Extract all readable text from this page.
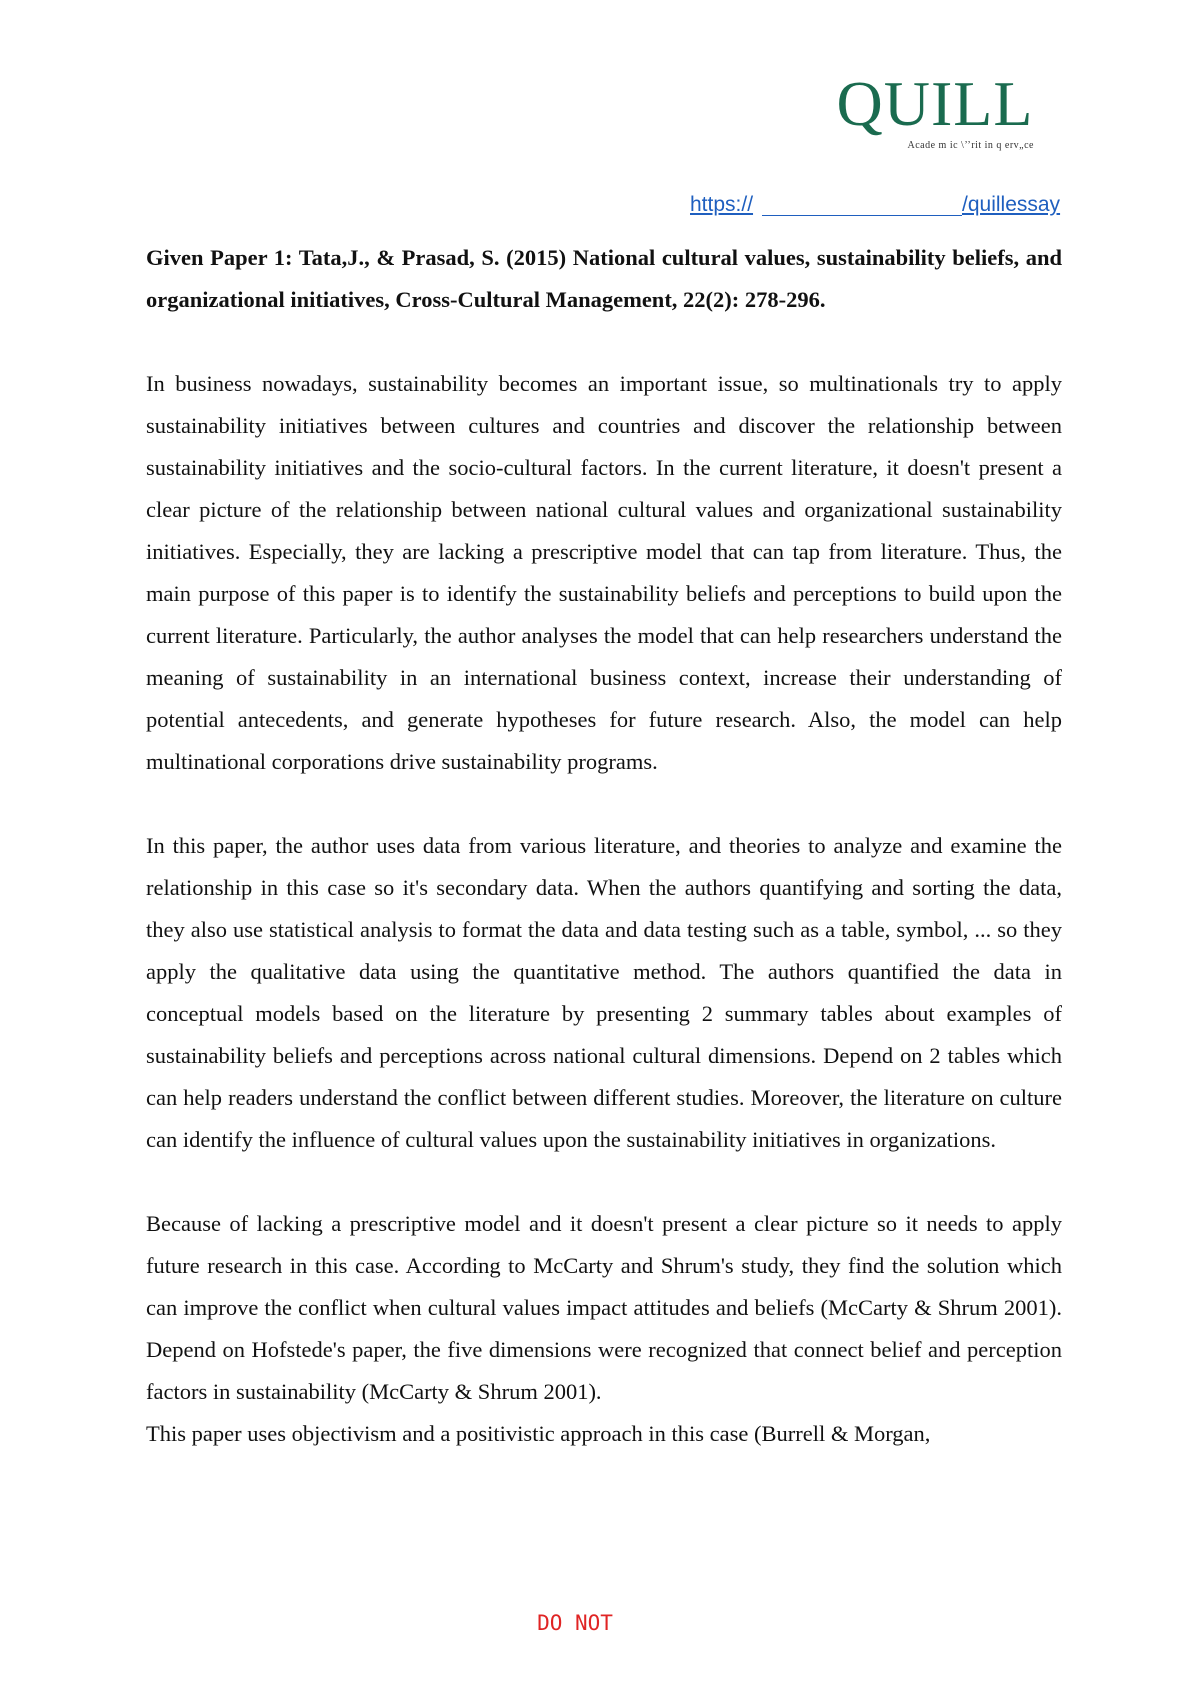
QUILL
Acade m ic \’’rit in q erv„ce
https://	/quillessay

Given Paper 1: Tata,J., & Prasad, S. (2015) National cultural values, sustainability beliefs, and organizational initiatives, Cross-Cultural Management, 22(2): 278-296.

In business nowadays, sustainability becomes an important issue, so multinationals try to apply sustainability initiatives between cultures and countries and discover the relationship between sustainability initiatives and the socio-cultural factors. In the current literature, it doesn't present a clear picture of the relationship between national cultural values and organizational sustainability initiatives. Especially, they are lacking a prescriptive model that can tap from literature. Thus, the main purpose of this paper is to identify the sustainability beliefs and perceptions to build upon the current literature. Particularly, the author analyses the model that can help researchers understand the meaning of sustainability in an international business context, increase their understanding of potential antecedents, and generate hypotheses for future research. Also, the model can help multinational corporations drive sustainability programs.

In this paper, the author uses data from various literature, and theories to analyze and examine the relationship in this case so it's secondary data. When the authors quantifying and sorting the data, they also use statistical analysis to format the data and data testing such as a table, symbol, ... so they apply the qualitative data using the quantitative method. The authors quantified the data in conceptual models based on the literature by presenting 2 summary tables about examples of sustainability beliefs and perceptions across national cultural dimensions. Depend on 2 tables which can help readers understand the conflict between different studies. Moreover, the literature on culture can identify the influence of cultural values upon the sustainability initiatives in organizations.

Because of lacking a prescriptive model and it doesn't present a clear picture so it needs to apply future research in this case. According to McCarty and Shrum's study, they find the solution which can improve the conflict when cultural values impact attitudes and beliefs (McCarty & Shrum 2001). Depend on Hofstede's paper, the five dimensions were recognized that connect belief and perception factors in sustainability (McCarty & Shrum 2001).

This paper uses objectivism and a positivistic approach in this case (Burrell & Morgan,

DO NOT
